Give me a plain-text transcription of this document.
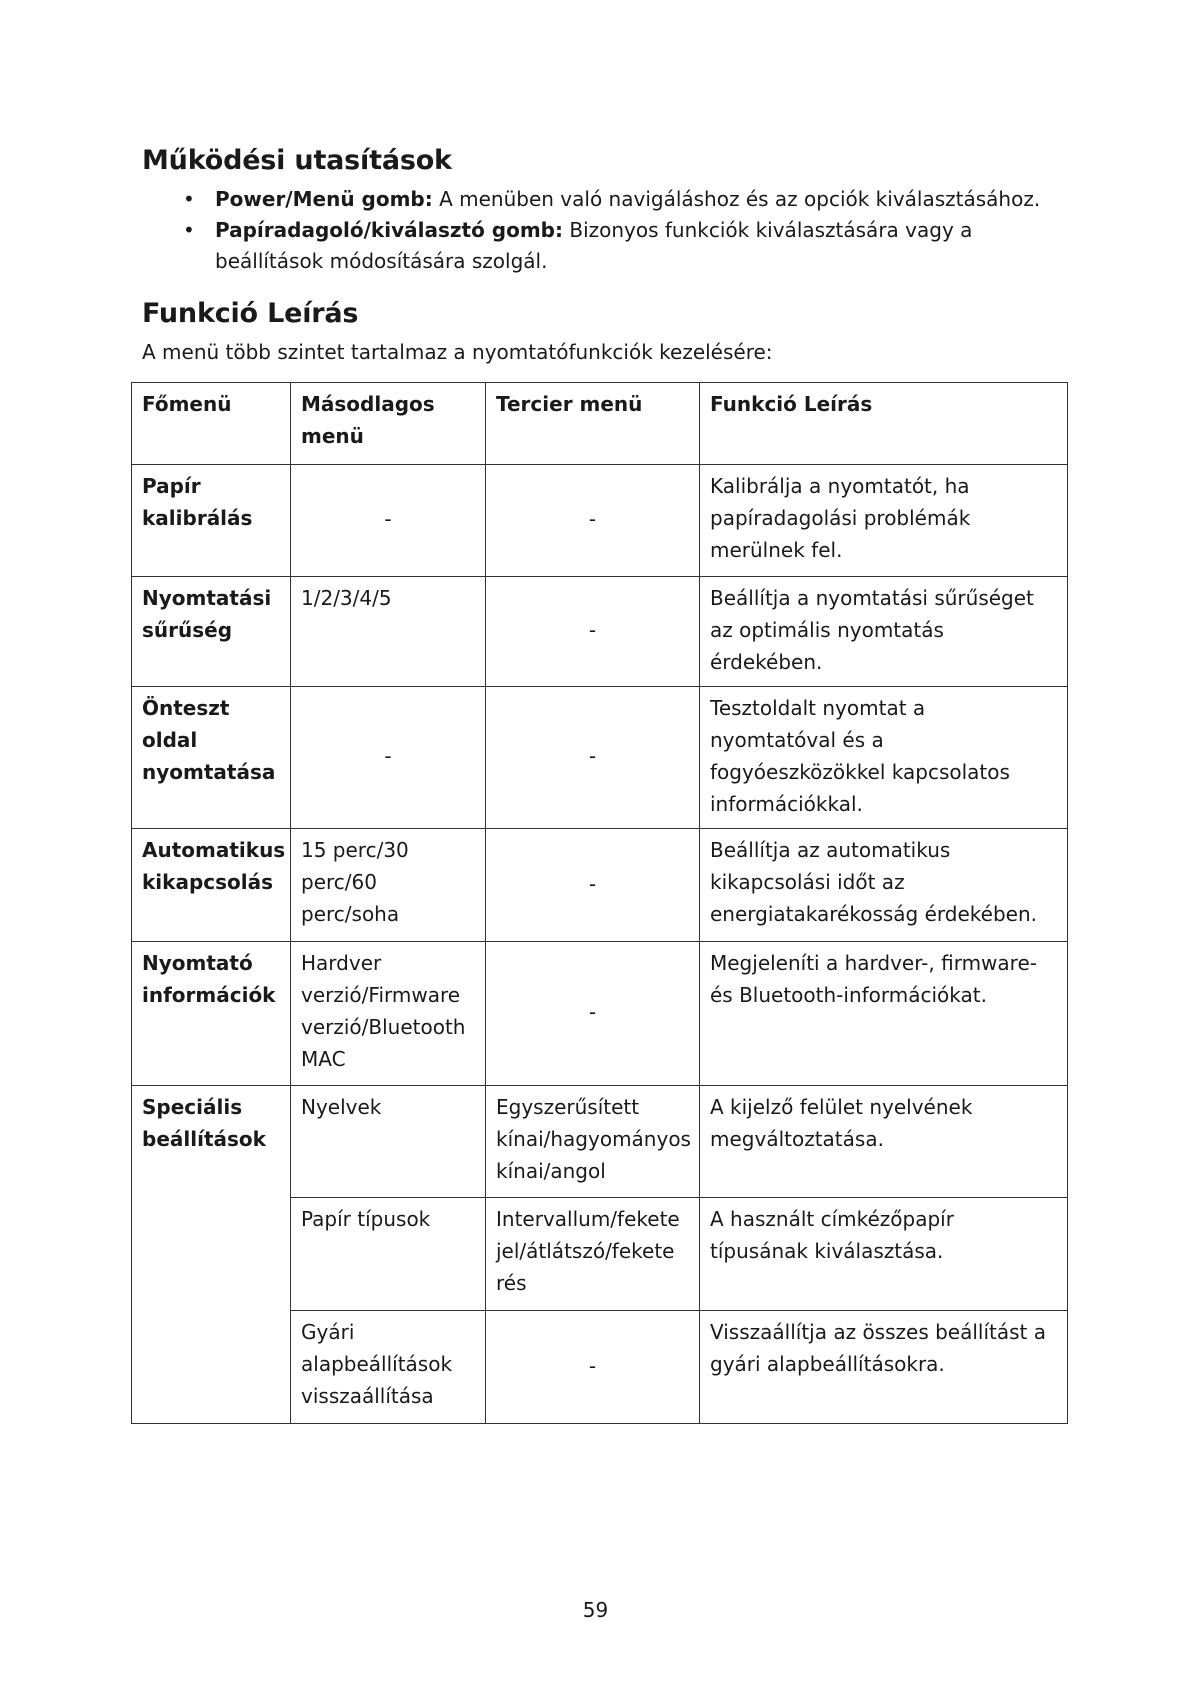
Működési utasítások
• Power/Menü gomb: A menüben való navigáláshoz és az opciók kiválasztásához.
• Papíradagoló/kiválasztó gomb: Bizonyos funkciók kiválasztására vagy a beállítások módosítására szolgál.
Funkció Leírás
A menü több szintet tartalmaz a nyomtatófunkciók kezelésére:
Főmenü	Másodlagos menü	Tercier menü	Funkció Leírás
Papír kalibrálás	-	-	Kalibrálja a nyomtatót, ha papíradagolási problémák merülnek fel.
Nyomtatási sűrűség	1/2/3/4/5	-	Beállítja a nyomtatási sűrűséget az optimális nyomtatás érdekében.
Önteszt oldal nyomtatása	-	-	Tesztoldalt nyomtat a nyomtatóval és a fogyóeszközökkel kapcsolatos információkkal.
Automatikus kikapcsolás	15 perc/30 perc/60 perc/soha	-	Beállítja az automatikus kikapcsolási időt az energiatakarékosság érdekében.
Nyomtató információk	Hardver verzió/Firmware verzió/Bluetooth MAC	-	Megjeleníti a hardver-, firmware- és Bluetooth-információkat.
Speciális beállítások	Nyelvek	Egyszerűsített kínai/hagyományos kínai/angol	A kijelző felület nyelvének megváltoztatása.
	Papír típusok	Intervallum/fekete jel/átlátszó/fekete rés	A használt címkézőpapír típusának kiválasztása.
	Gyári alapbeállítások visszaállítása	-	Visszaállítja az összes beállítást a gyári alapbeállításokra.
59
